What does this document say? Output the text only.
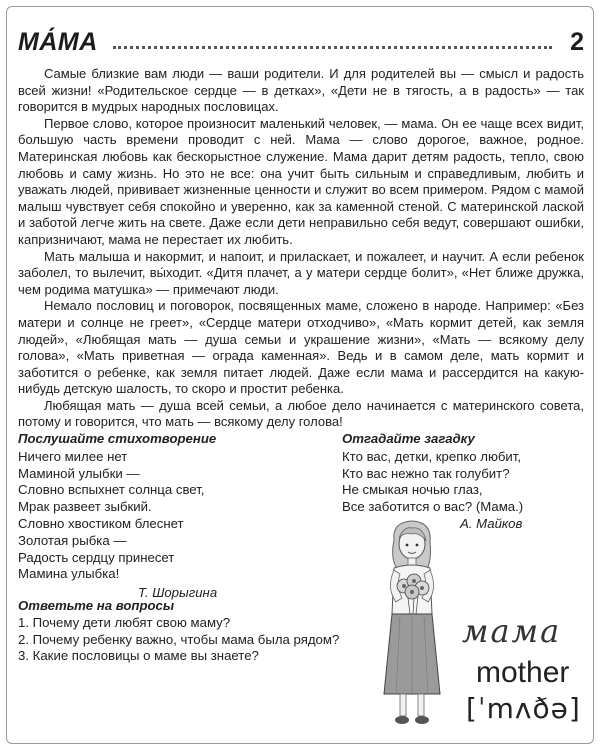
МА́МА	2

Самые близкие вам люди — ваши родители. И для родителей вы — смысл и радость всей жизни! «Родительское сердце — в детках», «Дети не в тягость, а в радость» — так говорится в мудрых народных пословицах.

Первое слово, которое произносит маленький человек, — мама. Он ее чаще всех видит, большую часть времени проводит с ней. Мама — слово дорогое, важное, родное. Материнская любовь как бескорыстное служение. Мама дарит детям радость, тепло, свою любовь и саму жизнь. Но это не все: она учит быть сильным и справедливым, любить и уважать людей, прививает жизненные ценности и служит во всем примером. Рядом с мамой малыш чувствует себя спокойно и уверенно, как за каменной стеной. С материнской лаской и заботой легче жить на свете. Даже если дети неправильно себя ведут, совершают ошибки, капризничают, мама не перестает их любить.

Мать малыша и накормит, и напоит, и приласкает, и пожалеет, и научит. А если ребенок заболел, то вылечит, вы́ходит. «Дитя плачет, а у матери сердце болит», «Нет ближе дружка, чем родима матушка» — примечают люди.

Немало пословиц и поговорок, посвященных маме, сложено в народе. Например: «Без матери и солнце не греет», «Сердце матери отходчиво», «Мать кормит детей, как земля людей», «Любящая мать — душа семьи и украшение жизни», «Мать — всякому делу голова», «Мать приветная — ограда каменная». Ведь и в самом деле, мать кормит и заботится о ребенке, как земля питает людей. Даже если мама и рассердится на какую-нибудь детскую шалость, то скоро и простит ребенка.

Любящая мать — душа всей семьи, а любое дело начинается с материнского совета, потому и говорится, что мать — всякому делу голова!

Послушайте стихотворение
Ничего милее нет
Маминой улыбки —
Словно вспыхнет солнца свет,
Мрак развеет зыбкий.
Словно хвостиком блеснет
Золотая рыбка —
Радость сердцу принесет
Мамина улыбка!
Т. Шорыгина
Отгадайте загадку
Кто вас, детки, крепко любит,
Кто вас нежно так голубит?
Не смыкая ночью глаз,
Все заботится о вас? (Мама.)
А. Майков
Ответьте на вопросы
1. Почему дети любят свою маму?
2. Почему ребенку важно, чтобы мама была рядом?
3. Какие пословицы о маме вы знаете?
мама
mother
[ˈmʌðə]
